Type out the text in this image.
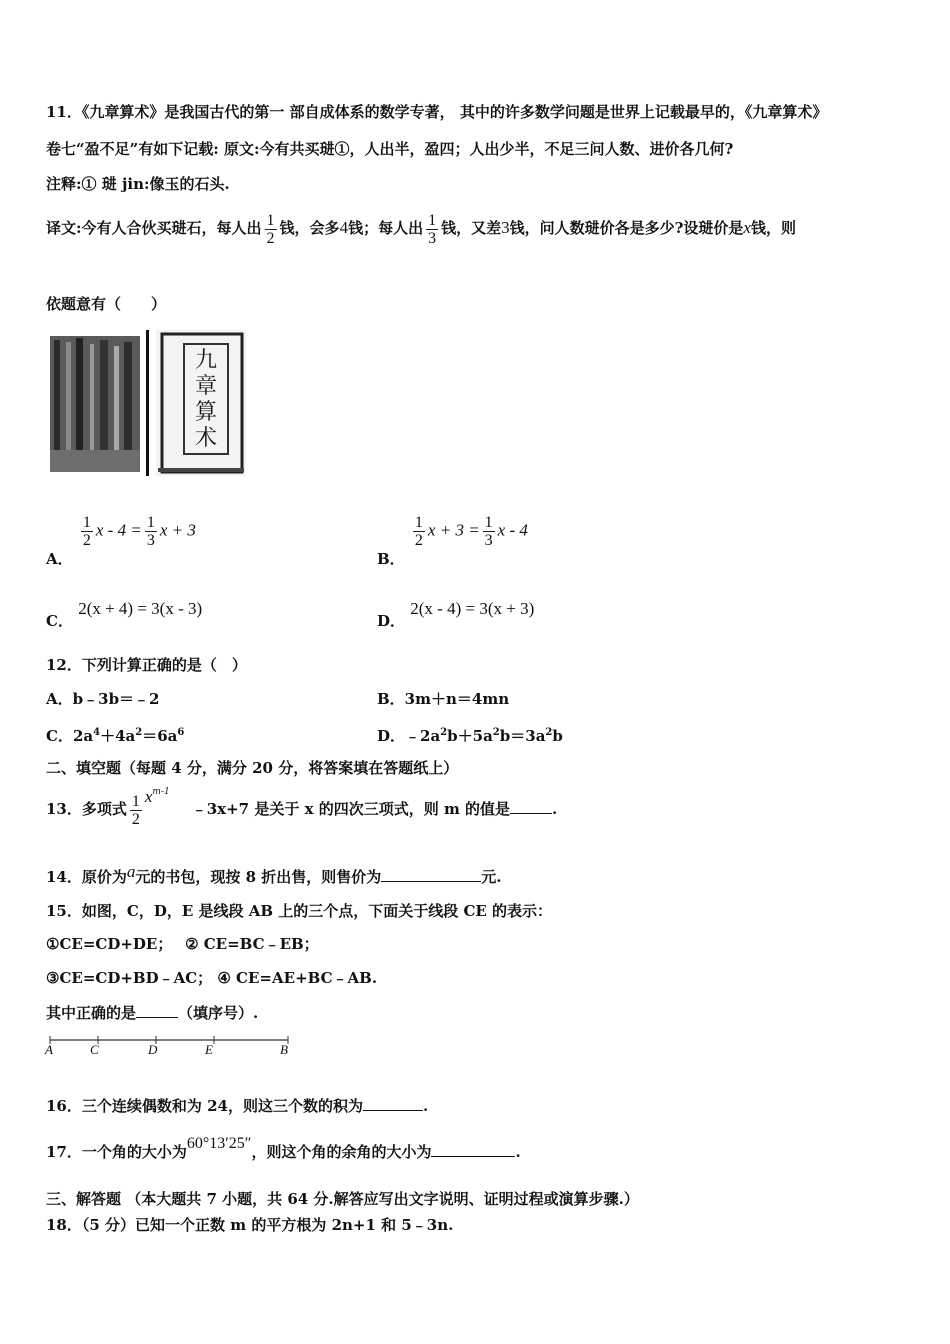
11．《九章算术》是我国古代的第一 部自成体系的数学专著， 其中的许多数学问题是世界上记载最早的，《九章算术》
卷七“盈不足”有如下记载: 原文:今有共买琎①，人出半，盈四；人出少半，不足三问人数、进价各几何?
注释:① 琎 jin:像玉的石头.
译文:今有人合伙买琎石，每人出 $\frac{1}{2}$ 钱，会多4钱；每人出 $\frac{1}{3}$ 钱，又差3钱，问人数琎价各是多少?设琎价是x钱，则
依题意有（　　）
九章算术
A．
$\frac{1}{2}$ $x - 4 = \frac{1}{3}$ x + 3
B．
$\frac{1}{2}$ $x + 3 = \frac{1}{3}$ x - 4
C． 2(x + 4) = 3(x - 3)
D． 2(x - 4) = 3(x + 3)
12．下列计算正确的是（　）
A．b﹣3b＝﹣2	B．3m＋n＝4mn
C．$2a^4+4a^2=6a^6$	D．$﹣2a^2b+5a^2b=3a^2b$
二、填空题（每题 4 分，满分 20 分，将答案填在答题纸上）
13．多项式 $\frac{1}{2}$ $x^{m-1}﹣3x+7$ 是关于 x 的四次三项式，则 m 的值是	.
14．原价为a元的书包，现按 8 折出售，则售价为	元.
15．如图，C，D，E 是线段 AB 上的三个点，下面关于线段 CE 的表示：
①CE=CD+DE；　 ② CE=BC﹣EB；
③CE=CD+BD﹣AC； ④ CE=AE+BC﹣AB.
其中正确的是	（填序号）.
A	C	D	E	B
16．三个连续偶数和为 24，则这三个数的积为	.
17．一个角的大小为60°13′25″，则这个角的余角的大小为	.
三、解答题 （本大题共 7 小题，共 64 分.解答应写出文字说明、证明过程或演算步骤.）
18．（5 分）已知一个正数 m 的平方根为 2n+1 和 5﹣3n.
